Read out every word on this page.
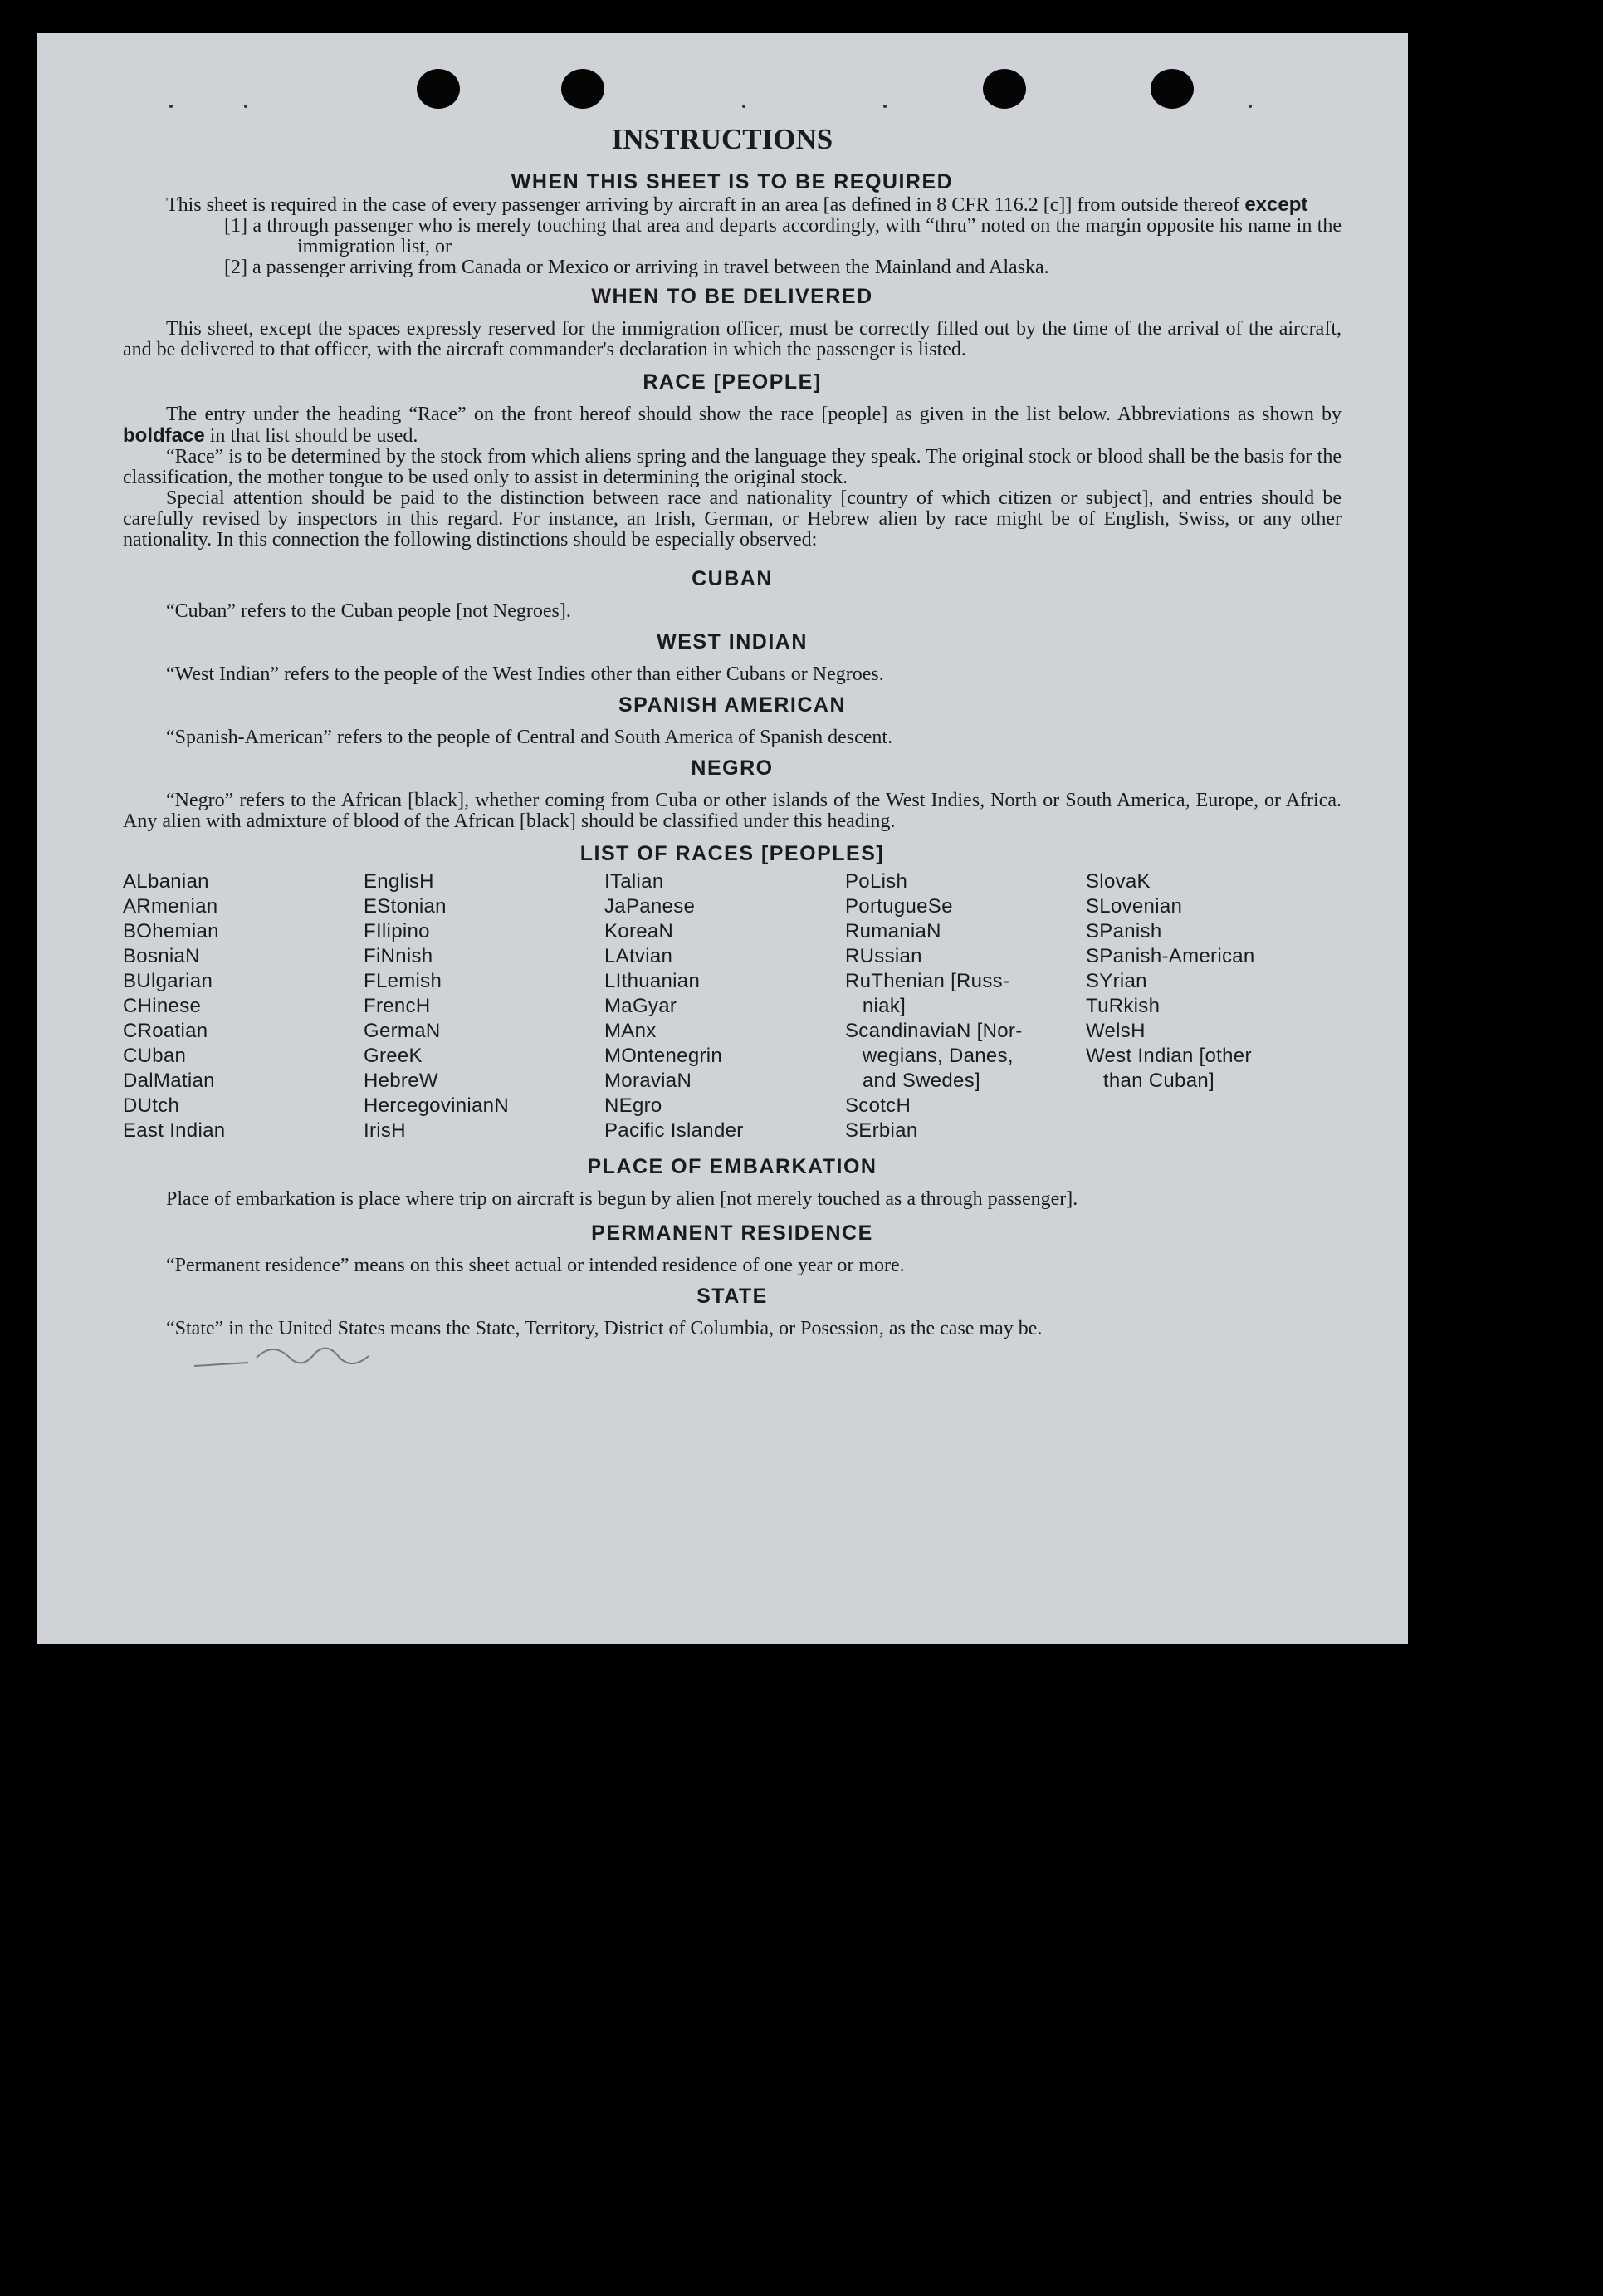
INSTRUCTIONS
WHEN THIS SHEET IS TO BE REQUIRED

This sheet is required in the case of every passenger arriving by aircraft in an area [as defined in 8 CFR 116.2 [c]] from outside thereof except

[1] a through passenger who is merely touching that area and departs accordingly, with “thru” noted on the margin opposite his name in the immigration list, or

[2] a passenger arriving from Canada or Mexico or arriving in travel between the Mainland and Alaska.

WHEN TO BE DELIVERED

This sheet, except the spaces expressly reserved for the immigration officer, must be correctly filled out by the time of the arrival of the aircraft, and be delivered to that officer, with the aircraft commander's declaration in which the passenger is listed.

RACE [PEOPLE]

The entry under the heading “Race” on the front hereof should show the race [people] as given in the list below. Abbreviations as shown by boldface in that list should be used.

“Race” is to be determined by the stock from which aliens spring and the language they speak. The original stock or blood shall be the basis for the classification, the mother tongue to be used only to assist in determining the original stock.

Special attention should be paid to the distinction between race and nationality [country of which citizen or subject], and entries should be carefully revised by inspectors in this regard. For instance, an Irish, German, or Hebrew alien by race might be of English, Swiss, or any other nationality. In this connection the following distinctions should be especially observed:

CUBAN

“Cuban” refers to the Cuban people [not Negroes].

WEST INDIAN

“West Indian” refers to the people of the West Indies other than either Cubans or Negroes.

SPANISH AMERICAN

“Spanish-American” refers to the people of Central and South America of Spanish descent.

NEGRO

“Negro” refers to the African [black], whether coming from Cuba or other islands of the West Indies, North or South America, Europe, or Africa. Any alien with admixture of blood of the African [black] should be classified under this heading.

LIST OF RACES [PEOPLES]
ALbanian
ARmenian
BOhemian
BosniaN
BUlgarian
CHinese
CRoatian
CUban
DalMatian
DUtch
East Indian
EnglisH
EStonian
FIlipino
FiNnish
FLemish
FrencH
GermaN
GreeK
HebreW
HercegovinianN
IrisH
ITalian
JaPanese
KoreaN
LAtvian
LIthuanian
MaGyar
MAnx
MOntenegrin
MoraviaN
NEgro
Pacific Islander
PoLish
PortugueSe
RumaniaN
RUssian
RuThenian [Russ-
niak]
ScandinaviaN [Nor-
wegians, Danes,
and Swedes]
ScotcH
SErbian
SlovaK
SLovenian
SPanish
SPanish-American
SYrian
TuRkish
WelsH
West Indian [other
than Cuban]
PLACE OF EMBARKATION

Place of embarkation is place where trip on aircraft is begun by alien [not merely touched as a through passenger].

PERMANENT RESIDENCE

“Permanent residence” means on this sheet actual or intended residence of one year or more.

STATE

“State” in the United States means the State, Territory, District of Columbia, or Posession, as the case may be.
